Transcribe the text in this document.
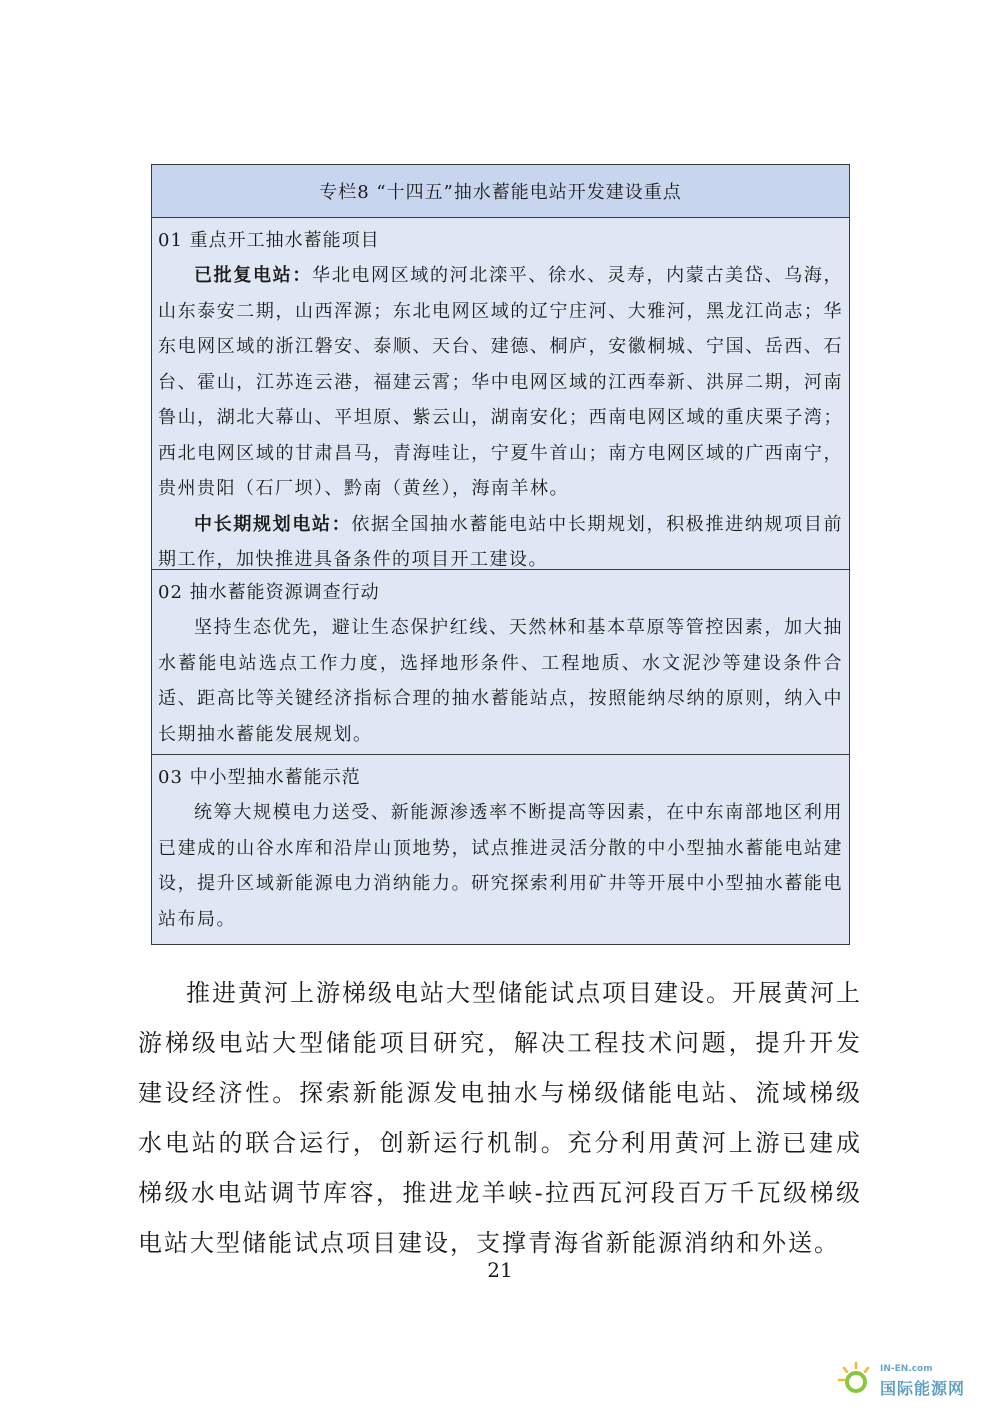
专栏8 “十四五”抽水蓄能电站开发建设重点
01 重点开工抽水蓄能项目

已批复电站：华北电网区域的河北滦平、徐水、灵寿，内蒙古美岱、乌海，山东泰安二期，山西浑源；东北电网区域的辽宁庄河、大雅河，黑龙江尚志；华东电网区域的浙江磐安、泰顺、天台、建德、桐庐，安徽桐城、宁国、岳西、石台、霍山，江苏连云港，福建云霄；华中电网区域的江西奉新、洪屏二期，河南鲁山，湖北大幕山、平坦原、紫云山，湖南安化；西南电网区域的重庆栗子湾；西北电网区域的甘肃昌马，青海哇让，宁夏牛首山；南方电网区域的广西南宁，贵州贵阳（石厂坝）、黔南（黄丝），海南羊林。

中长期规划电站：依据全国抽水蓄能电站中长期规划，积极推进纳规项目前期工作，加快推进具备条件的项目开工建设。

02 抽水蓄能资源调查行动

坚持生态优先，避让生态保护红线、天然林和基本草原等管控因素，加大抽水蓄能电站选点工作力度，选择地形条件、工程地质、水文泥沙等建设条件合适、距高比等关键经济指标合理的抽水蓄能站点，按照能纳尽纳的原则，纳入中长期抽水蓄能发展规划。

03 中小型抽水蓄能示范

统筹大规模电力送受、新能源渗透率不断提高等因素，在中东南部地区利用已建成的山谷水库和沿岸山顶地势，试点推进灵活分散的中小型抽水蓄能电站建设，提升区域新能源电力消纳能力。研究探索利用矿井等开展中小型抽水蓄能电站布局。

推进黄河上游梯级电站大型储能试点项目建设。开展黄河上游梯级电站大型储能项目研究，解决工程技术问题，提升开发建设经济性。探索新能源发电抽水与梯级储能电站、流域梯级水电站的联合运行，创新运行机制。充分利用黄河上游已建成梯级水电站调节库容，推进龙羊峡-拉西瓦河段百万千瓦级梯级电站大型储能试点项目建设，支撑青海省新能源消纳和外送。

21
IN-EN.com
国际能源网
